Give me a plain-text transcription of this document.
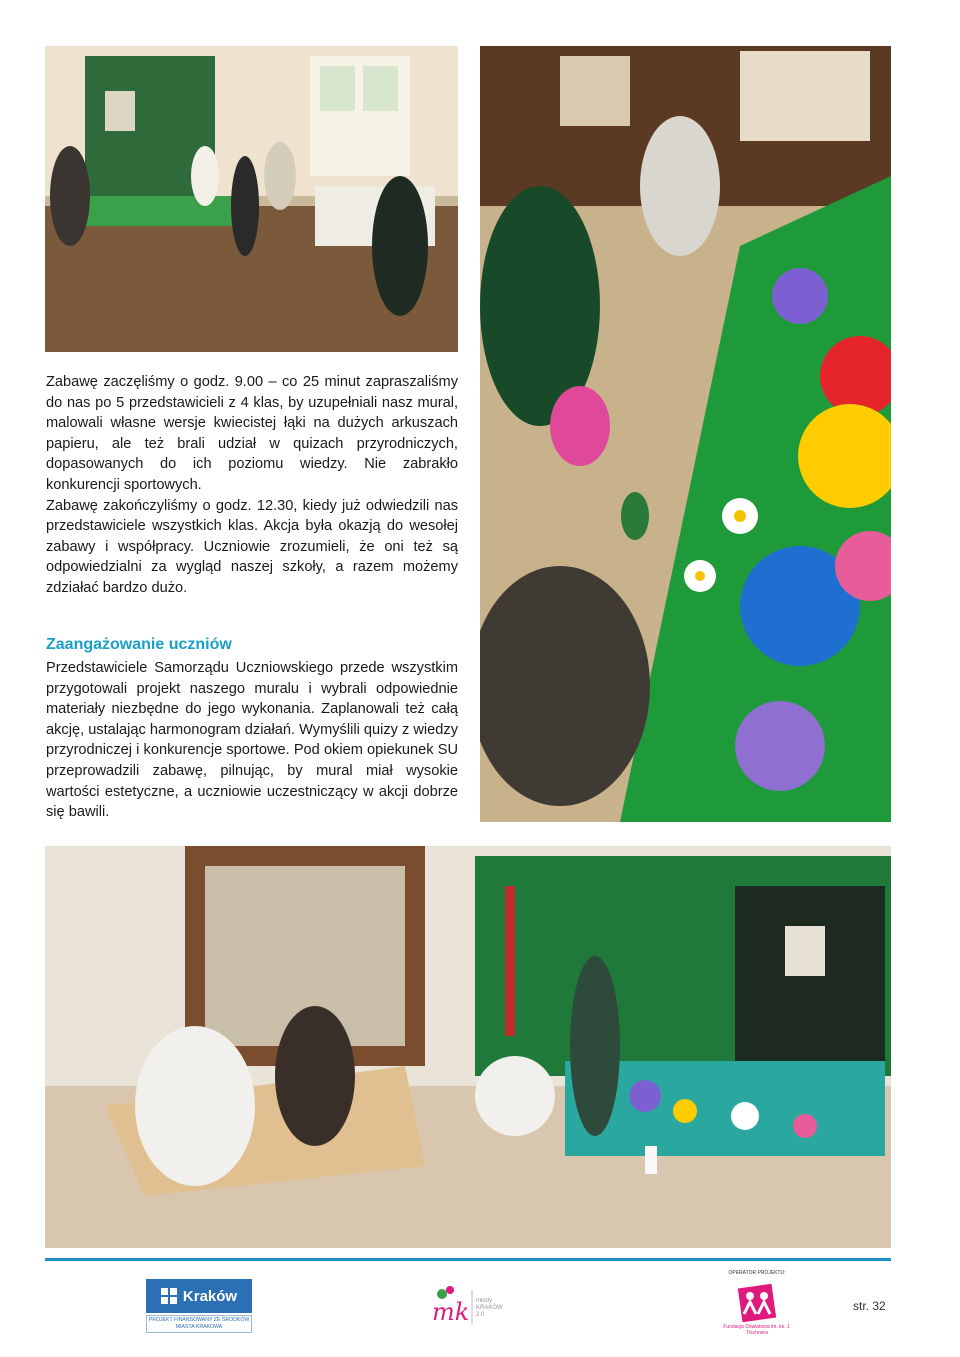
Zabawę zaczęliśmy o godz. 9.00 – co 25 minut zapraszaliśmy do nas po 5 przedstawicieli z 4 klas, by uzupełniali nasz mural, malowali własne wersje kwiecistej łąki na dużych arkuszach papieru, ale też brali udział w quizach przyrodniczych, dopasowanych do ich poziomu wiedzy. Nie zabrakło konkurencji sportowych.

Zabawę zakończyliśmy o godz. 12.30, kiedy już odwiedzili nas przedstawiciele wszystkich klas. Akcja była okazją do wesołej zabawy i współpracy. Uczniowie zrozumieli, że oni też są odpowiedzialni za wygląd naszej szkoły, a razem możemy zdziałać bardzo dużo.

Zaangażowanie uczniów

Przedstawiciele Samorządu Uczniowskiego przede wszystkim przygotowali projekt naszego muralu i wybrali odpowiednie materiały niezbędne do jego wykonania. Zaplanowali też całą akcję, ustalając harmonogram działań. Wymyślili quizy z wiedzy przyrodniczej i konkurencje sportowe. Pod okiem opiekunek SU przeprowadzili zabawę, pilnując, by mural miał wysokie wartości estetyczne, a uczniowie uczestniczący w akcji dobrze się bawili.

Kraków
PROJEKT FINANSOWANY ZE ŚRODKÓW MIASTA KRAKOWA
mk młody KRAKÓW 2.0
OPERATOR PROJEKTU:
Fundacja Oświatowa im. ks. J. Tischnera
str. 32
